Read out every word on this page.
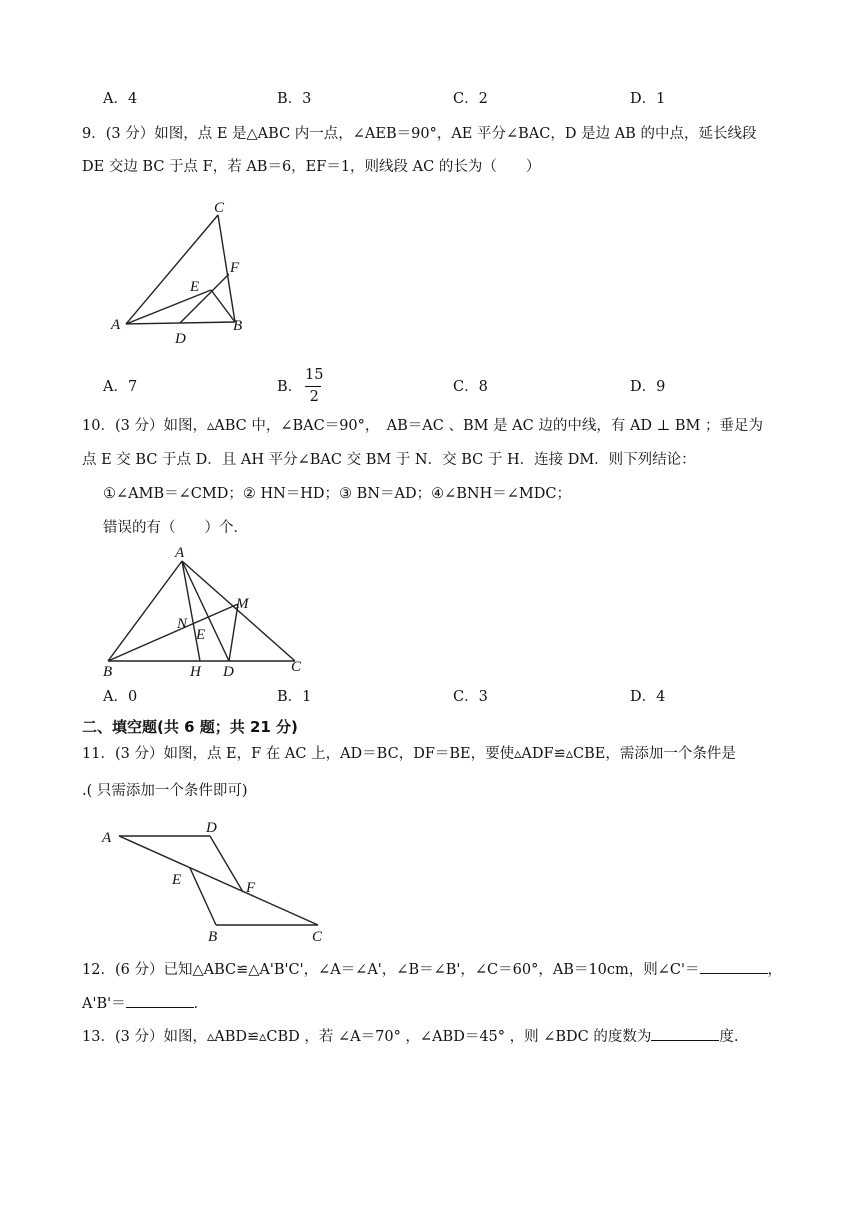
A．4	B．3	C．2	D．1
9．(3 分）如图，点 E 是△ABC 内一点，∠AEB＝90°，AE 平分∠BAC，D 是边 AB 的中点，延长线段
DE 交边 BC 于点 F，若 AB＝6，EF＝1，则线段 AC 的长为（　　）
C
F
E
A
D
B
A．7	B．
15
2
C．8	D．9
10．(3 分）如图，▵ABC 中，∠BAC＝90°，　AB＝AC 、BM 是 AC 边的中线，有 AD ⊥ BM ；垂足为
点 E 交 BC 于点 D．且 AH 平分∠BAC 交 BM 于 N．交 BC 于 H．连接 DM．则下列结论：
①∠AMB＝∠CMD；② HN＝HD；③ BN＝AD；④∠BNH＝∠MDC；
错误的有（　　）个．
A
M
N
E
B	H D	C
A．0	B．1	C．3	D．4
二、填空题(共 6 题；共 21 分)
11．(3 分）如图，点 E，F 在 AC 上，AD＝BC，DF＝BE，要使▵ADF≌▵CBE，需添加一个条件是
.( 只需添加一个条件即可)
A
D
E	F
B	C
12．(6 分）已知△ABC≌△A'B'C'，∠A＝∠A'，∠B＝∠B'，∠C＝60°，AB＝10cm，则∠C'＝	，
A'B'＝	．
13．(3 分）如图，▵ABD≌▵CBD ，若 ∠A＝70° ，∠ABD＝45° ，则 ∠BDC 的度数为	度.
